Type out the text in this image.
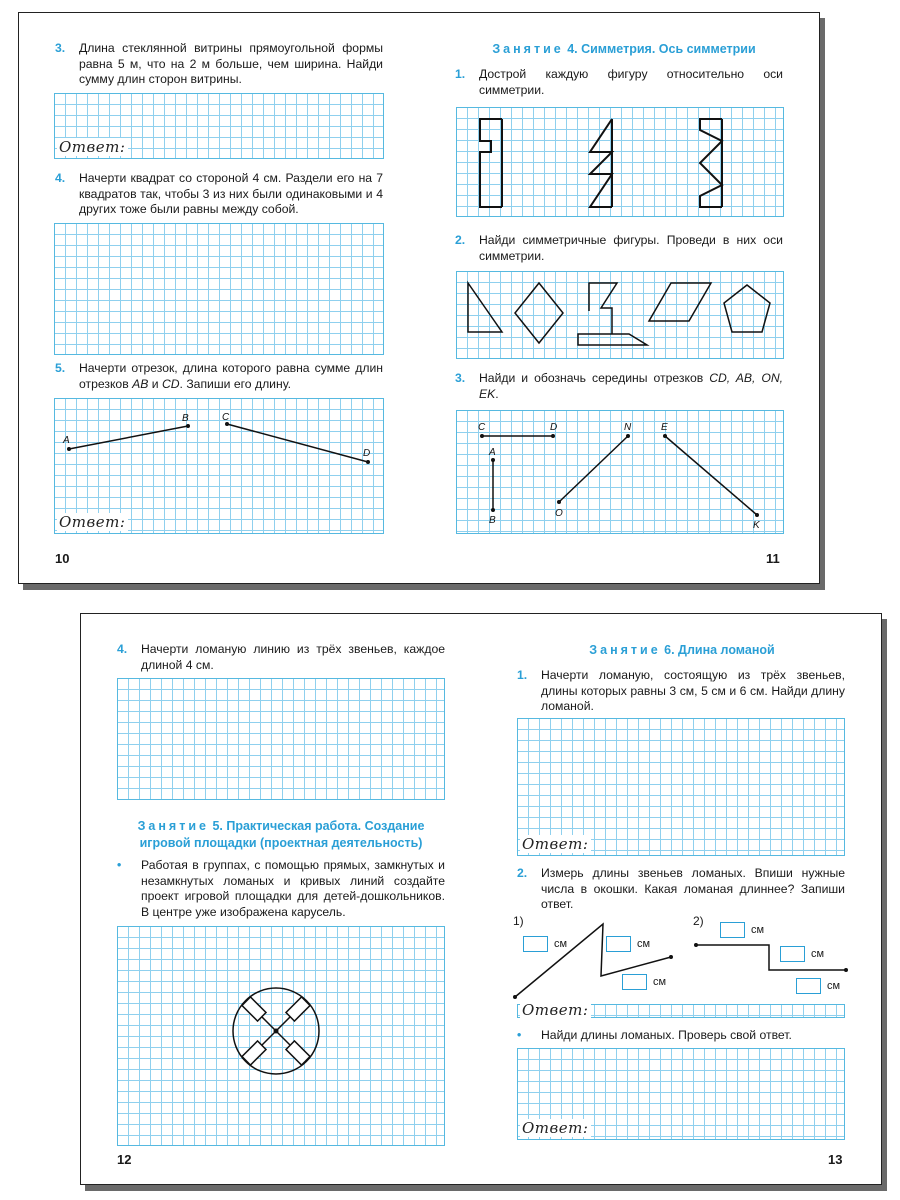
3. Длина стеклянной витрины прямоугольной формы равна 5 м, что на 2 м больше, чем ширина. Найди сумму длин сторон витрины.
Ответ:
4. Начерти квадрат со стороной 4 см. Раздели его на 7 квадратов так, чтобы 3 из них были одинаковыми и 4 других тоже были равны между собой.
5. Начерти отрезок, длина которого равна сумме длин отрезков AB и CD. Запиши его длину.
A
B	C
D
Ответ:
10
Занятие 4. Симметрия. Ось симметрии
1. Дострой каждую фигуру относительно оси симметрии.
2. Найди симметричные фигуры. Проведи в них оси симметрии.
3. Найди и обозначь середины отрезков CD, AB, ON, EK.
C	D
A
B
O
N	E
K
11
4. Начерти ломаную линию из трёх звеньев, каждое длиной 4 см.
Занятие 5. Практическая работа. Создание
игровой площадки (проектная деятельность)
• Работая в группах, с помощью прямых, замкнутых и незамкнутых ломаных и кривых линий создайте проект игровой площадки для детей-дошкольников. В центре уже изображена карусель.
12
Занятие 6. Длина ломаной
1. Начерти ломаную, состоящую из трёх звеньев, длины которых равны 3 см, 5 см и 6 см. Найди длину ломаной.
Ответ:
2. Измерь длины звеньев ломаных. Впиши нужные числа в окошки. Какая ломаная длиннее? Запиши ответ.
1)	2)
см	см
см
см
см
см
Ответ:
• Найди длины ломаных. Проверь свой ответ.
Ответ:
13
